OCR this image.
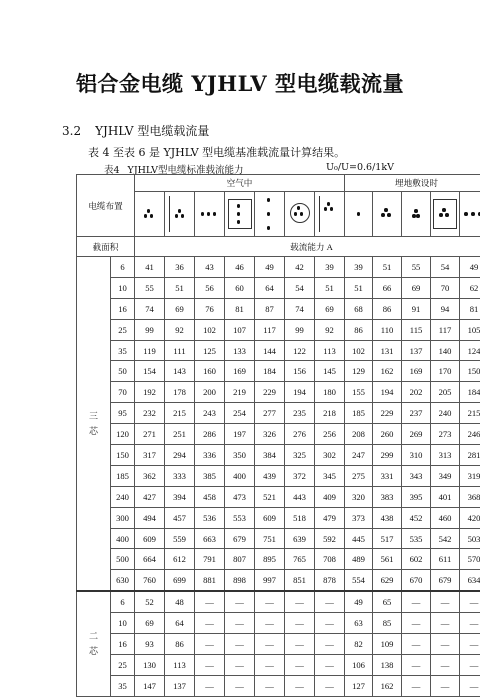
铝合金电缆 YJHLV 型电缆载流量
3.2 YJHLV 型电缆载流量
表 4 至表 6 是 YJHLV 型电缆基准载流量计算结果。
表4 YJHLV型电缆标准载流能力	U₀/U=0.6/1kV
电缆布置		空气中							埋地敷设时				

截面积		载流能力 A											

三
芯	6	41	36	43	46	49	42	39	39	51	55	54	49
	10	55	51	56	60	64	54	51	51	66	69	70	62
	16	74	69	76	81	87	74	69	68	86	91	94	81
	25	99	92	102	107	117	99	92	86	110	115	117	105
	35	119	111	125	133	144	122	113	102	131	137	140	124
	50	154	143	160	169	184	156	145	129	162	169	170	150
	70	192	178	200	219	229	194	180	155	194	202	205	184
	95	232	215	243	254	277	235	218	185	229	237	240	215
	120	271	251	286	197	326	276	256	208	260	269	273	246
	150	317	294	336	350	384	325	302	247	299	310	313	281
	185	362	333	385	400	439	372	345	275	331	343	349	319
	240	427	394	458	473	521	443	409	320	383	395	401	368
	300	494	457	536	553	609	518	479	373	438	452	460	420
	400	609	559	663	679	751	639	592	445	517	535	542	503
	500	664	612	791	807	895	765	708	489	561	602	611	570
	630	760	699	881	898	997	851	878	554	629	670	679	634

二
芯	6	52	48	—	—	—	—	—	49	65	—	—	—
	10	69	64	—	—	—	—	—	63	85	—	—	—
	16	93	86	—	—	—	—	—	82	109	—	—	—
	25	130	113	—	—	—	—	—	106	138	—	—	—
	35	147	137	—	—	—	—	—	127	162	—	—	—
